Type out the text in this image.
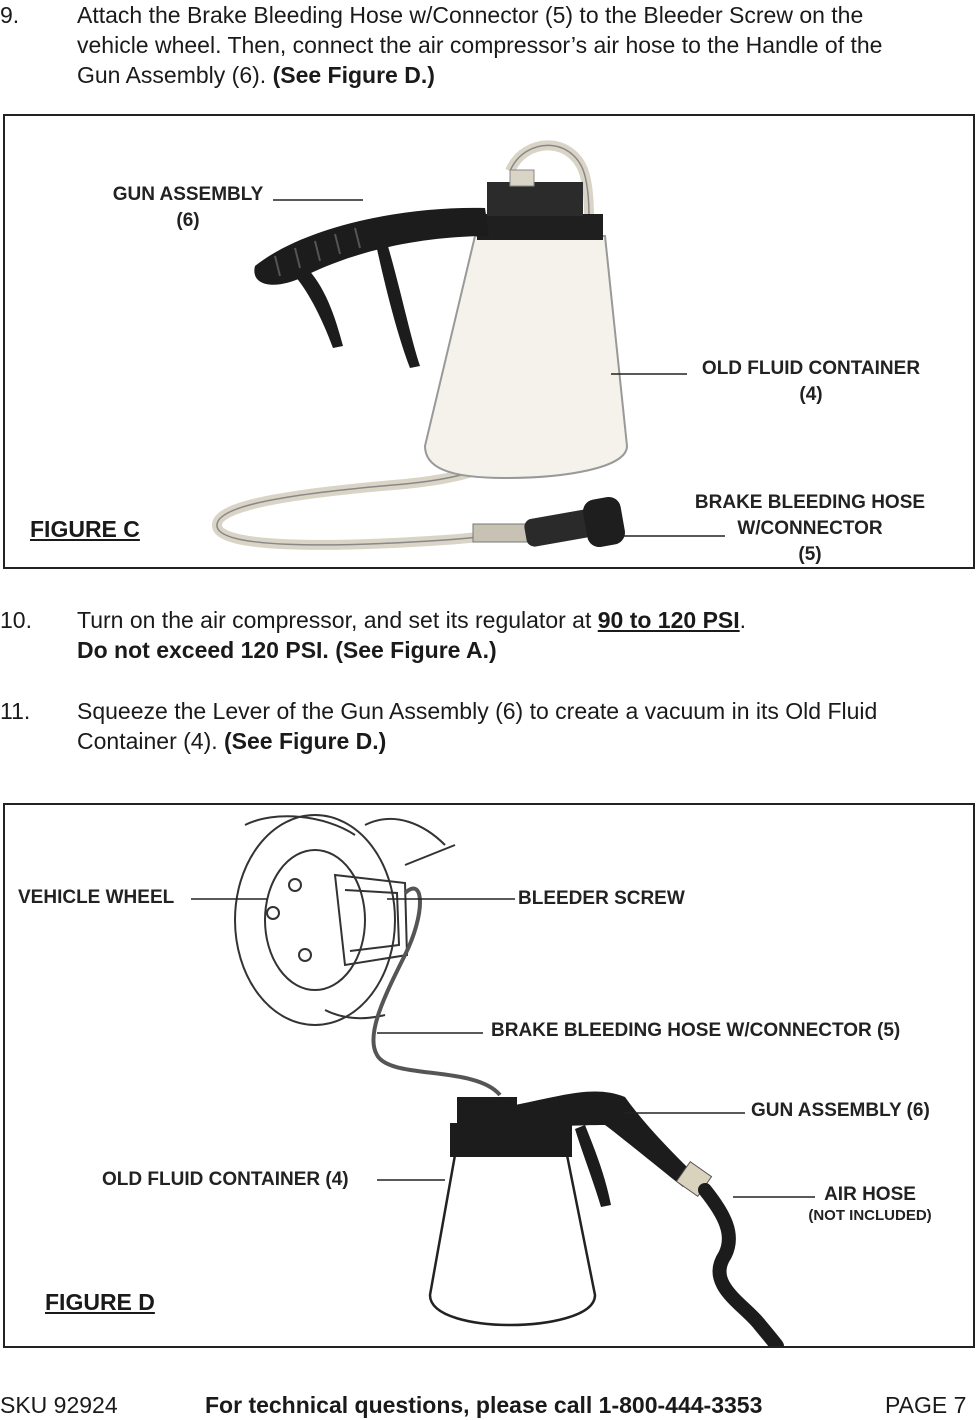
9.	Attach the Brake Bleeding Hose w/Connector (5) to the Bleeder Screw on the
vehicle wheel. Then, connect the air compressor’s air hose to the Handle of the
Gun Assembly (6). (See Figure D.)
GUN ASSEMBLY
(6)
OLD FLUID CONTAINER
(4)
BRAKE BLEEDING HOSE
W/CONNECTOR
(5)
FIGURE C
10. Turn on the air compressor, and set its regulator at 90 to 120 PSI.
Do not exceed 120 PSI. (See Figure A.)
11. Squeeze the Lever of the Gun Assembly (6) to create a vacuum in its Old Fluid
Container (4). (See Figure D.)
VEHICLE WHEEL	BLEEDER SCREW
BRAKE BLEEDING HOSE W/CONNECTOR (5)
GUN ASSEMBLY (6)
OLD FLUID CONTAINER (4)
AIR HOSE
(NOT INCLUDED)
FIGURE D
SKU 92924	For technical questions, please call 1-800-444-3353	PAGE 7
